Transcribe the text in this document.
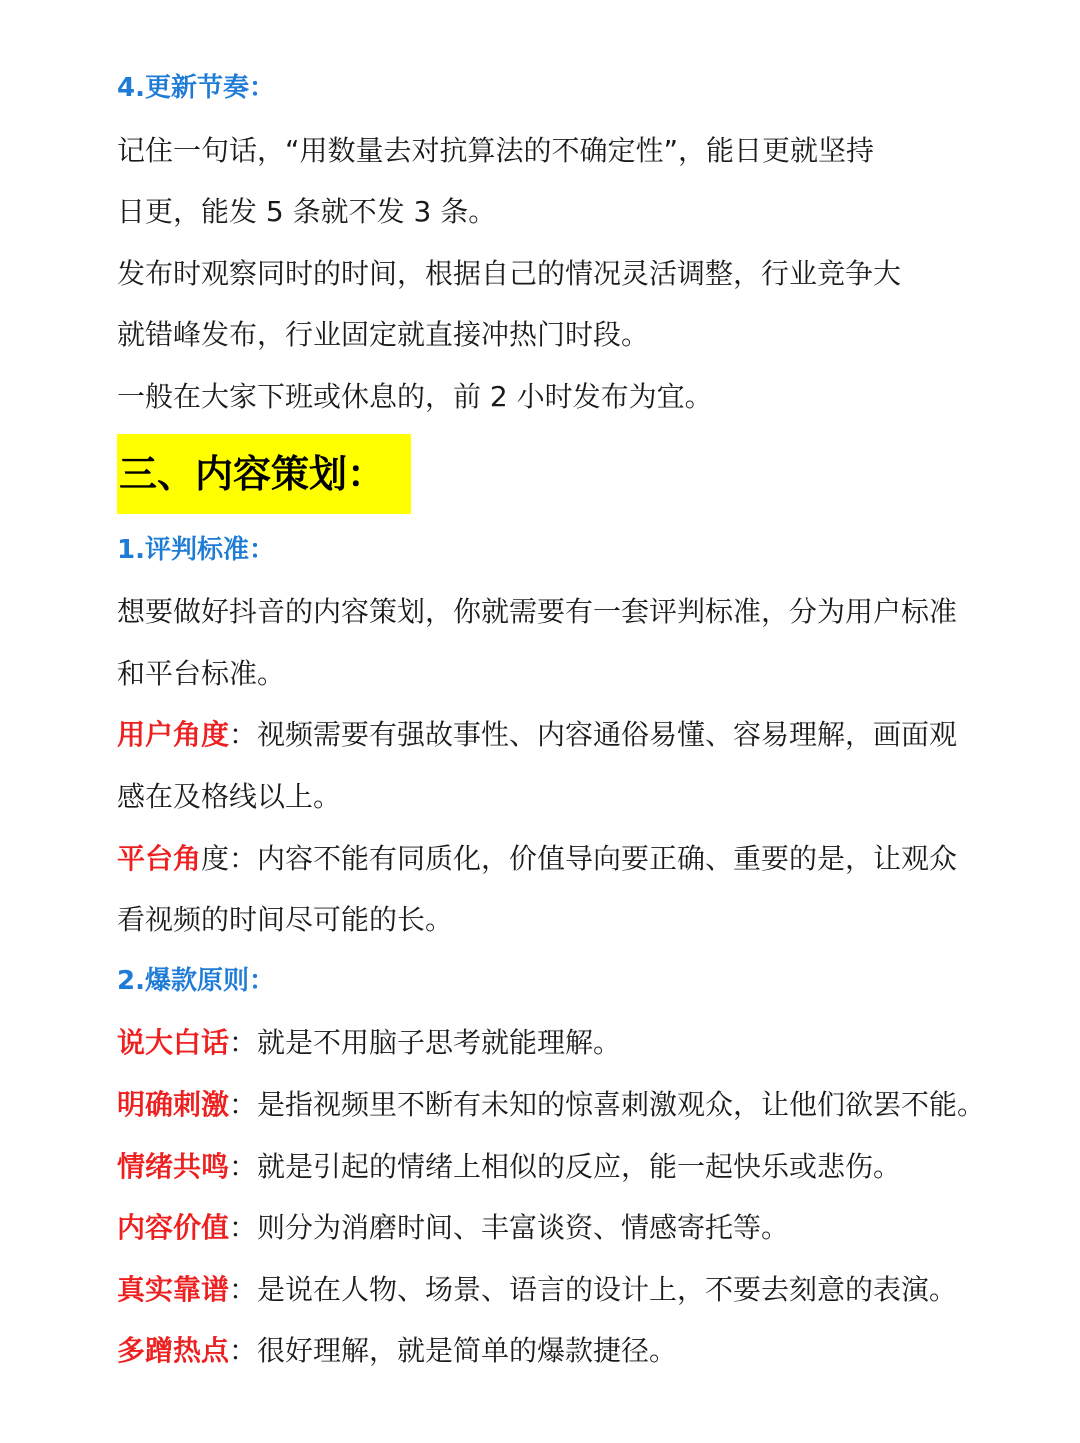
4.更新节奏：
记住一句话，“用数量去对抗算法的不确定性”，能日更就坚持
日更，能发 5 条就不发 3 条。
发布时观察同时的时间，根据自己的情况灵活调整，行业竞争大
就错峰发布，行业固定就直接冲热门时段。
一般在大家下班或休息的，前 2 小时发布为宜。
三、内容策划：
1.评判标准：
想要做好抖音的内容策划，你就需要有一套评判标准，分为用户标准
和平台标准。
用户角度：视频需要有强故事性、内容通俗易懂、容易理解，画面观
感在及格线以上。
平台角度：内容不能有同质化，价值导向要正确、重要的是，让观众
看视频的时间尽可能的长。
2.爆款原则：
说大白话：就是不用脑子思考就能理解。
明确刺激：是指视频里不断有未知的惊喜刺激观众，让他们欲罢不能。
情绪共鸣：就是引起的情绪上相似的反应，能一起快乐或悲伤。
内容价值：则分为消磨时间、丰富谈资、情感寄托等。
真实靠谱：是说在人物、场景、语言的设计上，不要去刻意的表演。
多蹭热点：很好理解，就是简单的爆款捷径。
